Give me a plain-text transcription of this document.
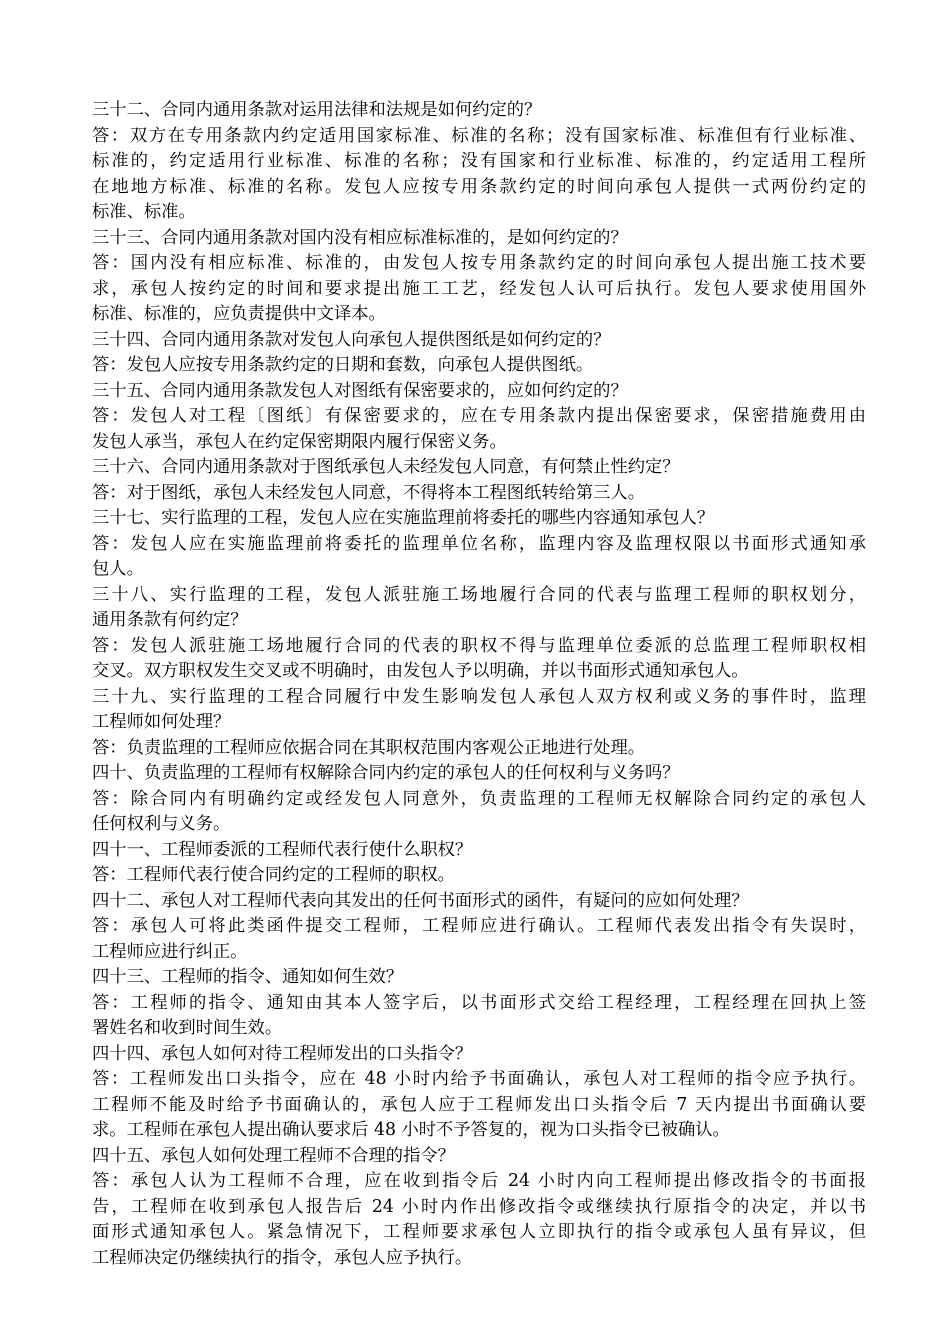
三十二、合同内通用条款对运用法律和法规是如何约定的？
答：双方在专用条款内约定适用国家标准、标准的名称；没有国家标准、标准但有行业标准、
标准的，约定适用行业标准、标准的名称；没有国家和行业标准、标准的，约定适用工程所
在地地方标准、标准的名称。发包人应按专用条款约定的时间向承包人提供一式两份约定的
标准、标准。
三十三、合同内通用条款对国内没有相应标准标准的，是如何约定的？
答：国内没有相应标准、标准的，由发包人按专用条款约定的时间向承包人提出施工技术要
求，承包人按约定的时间和要求提出施工工艺，经发包人认可后执行。发包人要求使用国外
标准、标准的，应负责提供中文译本。
三十四、合同内通用条款对发包人向承包人提供图纸是如何约定的？
答：发包人应按专用条款约定的日期和套数，向承包人提供图纸。
三十五、合同内通用条款发包人对图纸有保密要求的，应如何约定的？
答：发包人对工程〔图纸〕有保密要求的，应在专用条款内提出保密要求，保密措施费用由
发包人承当，承包人在约定保密期限内履行保密义务。
三十六、合同内通用条款对于图纸承包人未经发包人同意，有何禁止性约定？
答：对于图纸，承包人未经发包人同意，不得将本工程图纸转给第三人。
三十七、实行监理的工程，发包人应在实施监理前将委托的哪些内容通知承包人？
答：发包人应在实施监理前将委托的监理单位名称，监理内容及监理权限以书面形式通知承
包人。
三十八、实行监理的工程，发包人派驻施工场地履行合同的代表与监理工程师的职权划分，
通用条款有何约定？
答：发包人派驻施工场地履行合同的代表的职权不得与监理单位委派的总监理工程师职权相
交叉。双方职权发生交叉或不明确时，由发包人予以明确，并以书面形式通知承包人。
三十九、实行监理的工程合同履行中发生影响发包人承包人双方权利或义务的事件时，监理
工程师如何处理？
答：负责监理的工程师应依据合同在其职权范围内客观公正地进行处理。
四十、负责监理的工程师有权解除合同内约定的承包人的任何权利与义务吗？
答：除合同内有明确约定或经发包人同意外，负责监理的工程师无权解除合同约定的承包人
任何权利与义务。
四十一、工程师委派的工程师代表行使什么职权？
答：工程师代表行使合同约定的工程师的职权。
四十二、承包人对工程师代表向其发出的任何书面形式的函件，有疑问的应如何处理？
答：承包人可将此类函件提交工程师，工程师应进行确认。工程师代表发出指令有失误时，
工程师应进行纠正。
四十三、工程师的指令、通知如何生效？
答：工程师的指令、通知由其本人签字后，以书面形式交给工程经理，工程经理在回执上签
署姓名和收到时间生效。
四十四、承包人如何对待工程师发出的口头指令？
答：工程师发出口头指令，应在 48 小时内给予书面确认，承包人对工程师的指令应予执行。
工程师不能及时给予书面确认的，承包人应于工程师发出口头指令后 7 天内提出书面确认要
求。工程师在承包人提出确认要求后 48 小时不予答复的，视为口头指令已被确认。
四十五、承包人如何处理工程师不合理的指令？
答：承包人认为工程师不合理，应在收到指令后 24 小时内向工程师提出修改指令的书面报
告，工程师在收到承包人报告后 24 小时内作出修改指令或继续执行原指令的决定，并以书
面形式通知承包人。紧急情况下，工程师要求承包人立即执行的指令或承包人虽有异议，但
工程师决定仍继续执行的指令，承包人应予执行。
